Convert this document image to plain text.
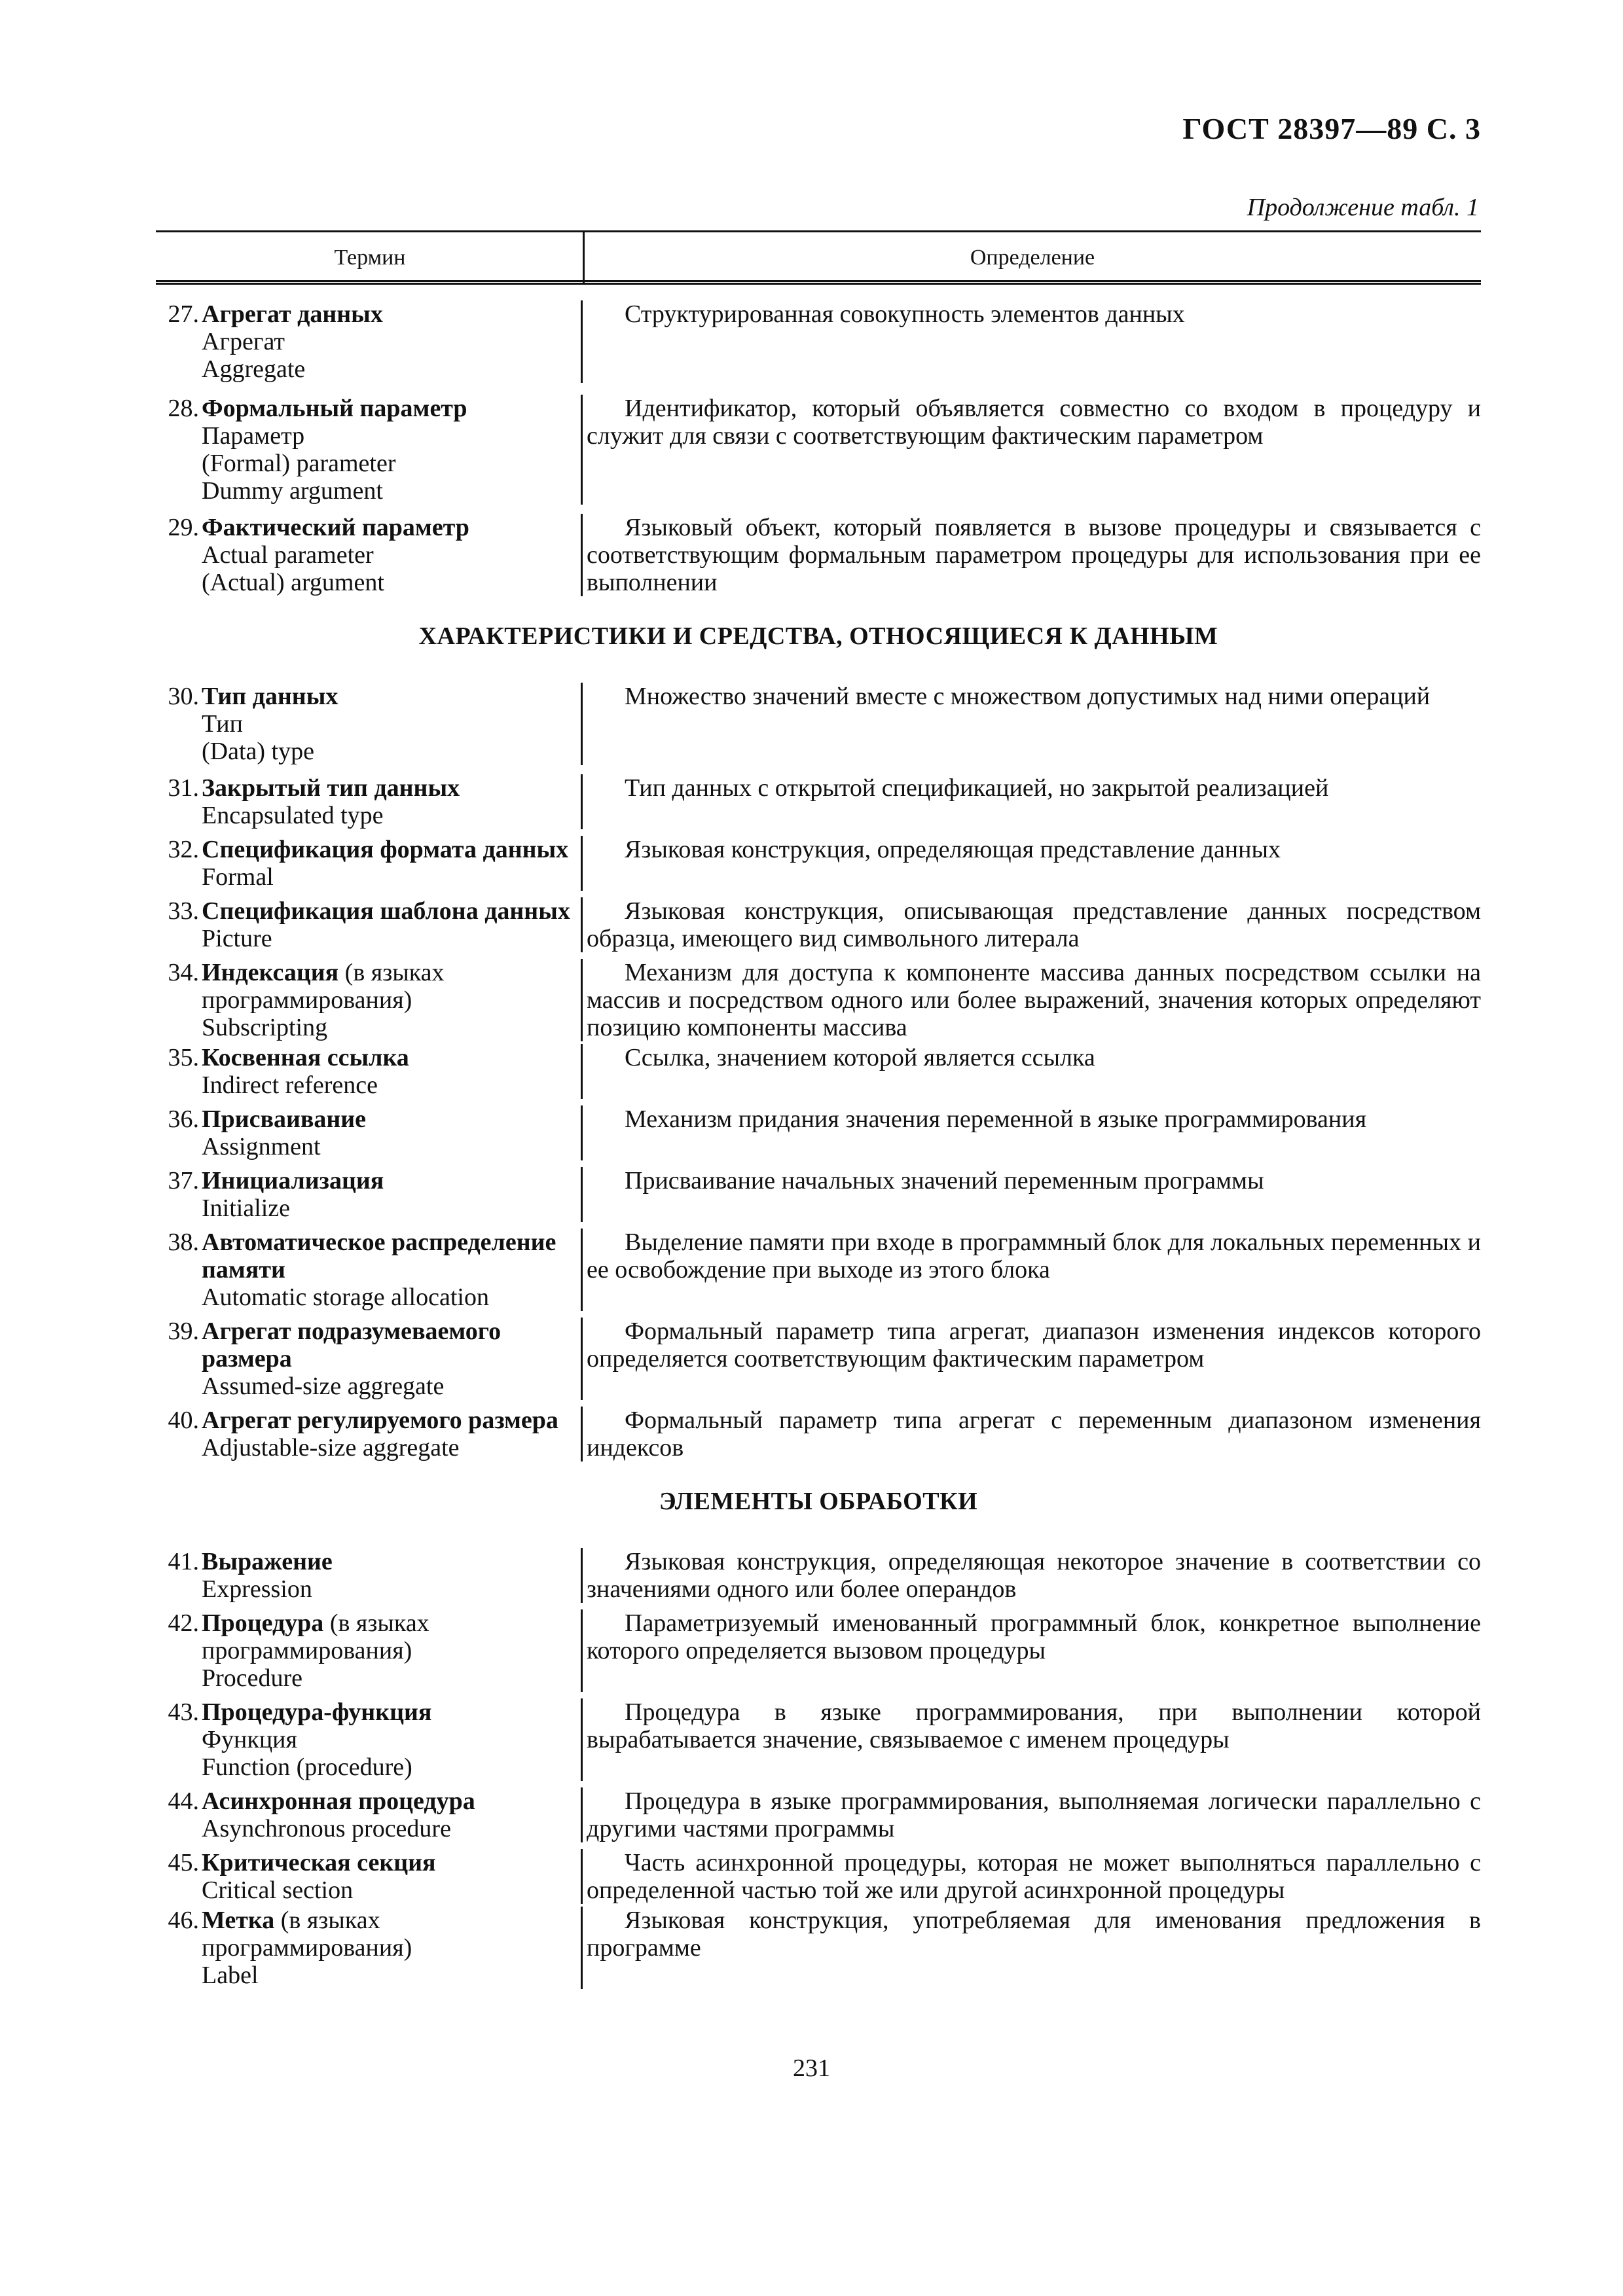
ГОСТ 28397—89 С. 3
Продолжение табл. 1
Термин	Определение
27. Агрегат данных
Агрегат
Aggregate
Структурированная совокупность элементов данных
28. Формальный параметр
Параметр
(Formal) parameter
Dummy argument
Идентификатор, который объявляется совместно со входом в процедуру и служит для связи с соответствующим фактическим параметром
29. Фактический параметр
Actual parameter
(Actual) argument
Языковый объект, который появляется в вызове процедуры и связывается с соответствующим формальным параметром процедуры для использования при ее выполнении
ХАРАКТЕРИСТИКИ И СРЕДСТВА, ОТНОСЯЩИЕСЯ К ДАННЫМ
30. Тип данных
Тип
(Data) type
Множество значений вместе с множеством допустимых над ними операций
31. Закрытый тип данных
Encapsulated type
Тип данных с открытой спецификацией, но закрытой реализацией
32. Спецификация формата данных
Formal
Языковая конструкция, определяющая представление данных
33. Спецификация шаблона данных
Picture
Языковая конструкция, описывающая представление данных посредством образца, имеющего вид символьного литерала
34. Индексация (в языках программирования)
Subscripting
Механизм для доступа к компоненте массива данных посредством ссылки на массив и посредством одного или более выражений, значения которых определяют позицию компоненты массива
35. Косвенная ссылка
Indirect reference
Ссылка, значением которой является ссылка
36. Присваивание
Assignment
Механизм придания значения переменной в языке программирования
37. Инициализация
Initialize
Присваивание начальных значений переменным программы
38. Автоматическое распределение памяти
Automatic storage allocation
Выделение памяти при входе в программный блок для локальных переменных и ее освобождение при выходе из этого блока
39. Агрегат подразумеваемого размера
Assumed-size aggregate
Формальный параметр типа агрегат, диапазон изменения индексов которого определяется соответствующим фактическим параметром
40. Агрегат регулируемого размера
Adjustable-size aggregate
Формальный параметр типа агрегат с переменным диапазоном изменения индексов
ЭЛЕМЕНТЫ ОБРАБОТКИ
41. Выражение
Expression
Языковая конструкция, определяющая некоторое значение в соответствии со значениями одного или более операндов
42. Процедура (в языках программирования)
Procedure
Параметризуемый именованный программный блок, конкретное выполнение которого определяется вызовом процедуры
43. Процедура-функция
Функция
Function (procedure)
Процедура в языке программирования, при выполнении которой вырабатывается значение, связываемое с именем процедуры
44. Асинхронная процедура
Asynchronous procedure
Процедура в языке программирования, выполняемая логически параллельно с другими частями программы
45. Критическая секция
Critical section
Часть асинхронной процедуры, которая не может выполняться параллельно с определенной частью той же или другой асинхронной процедуры
46. Метка (в языках программирования)
Label
Языковая конструкция, употребляемая для именования предложения в программе
231
